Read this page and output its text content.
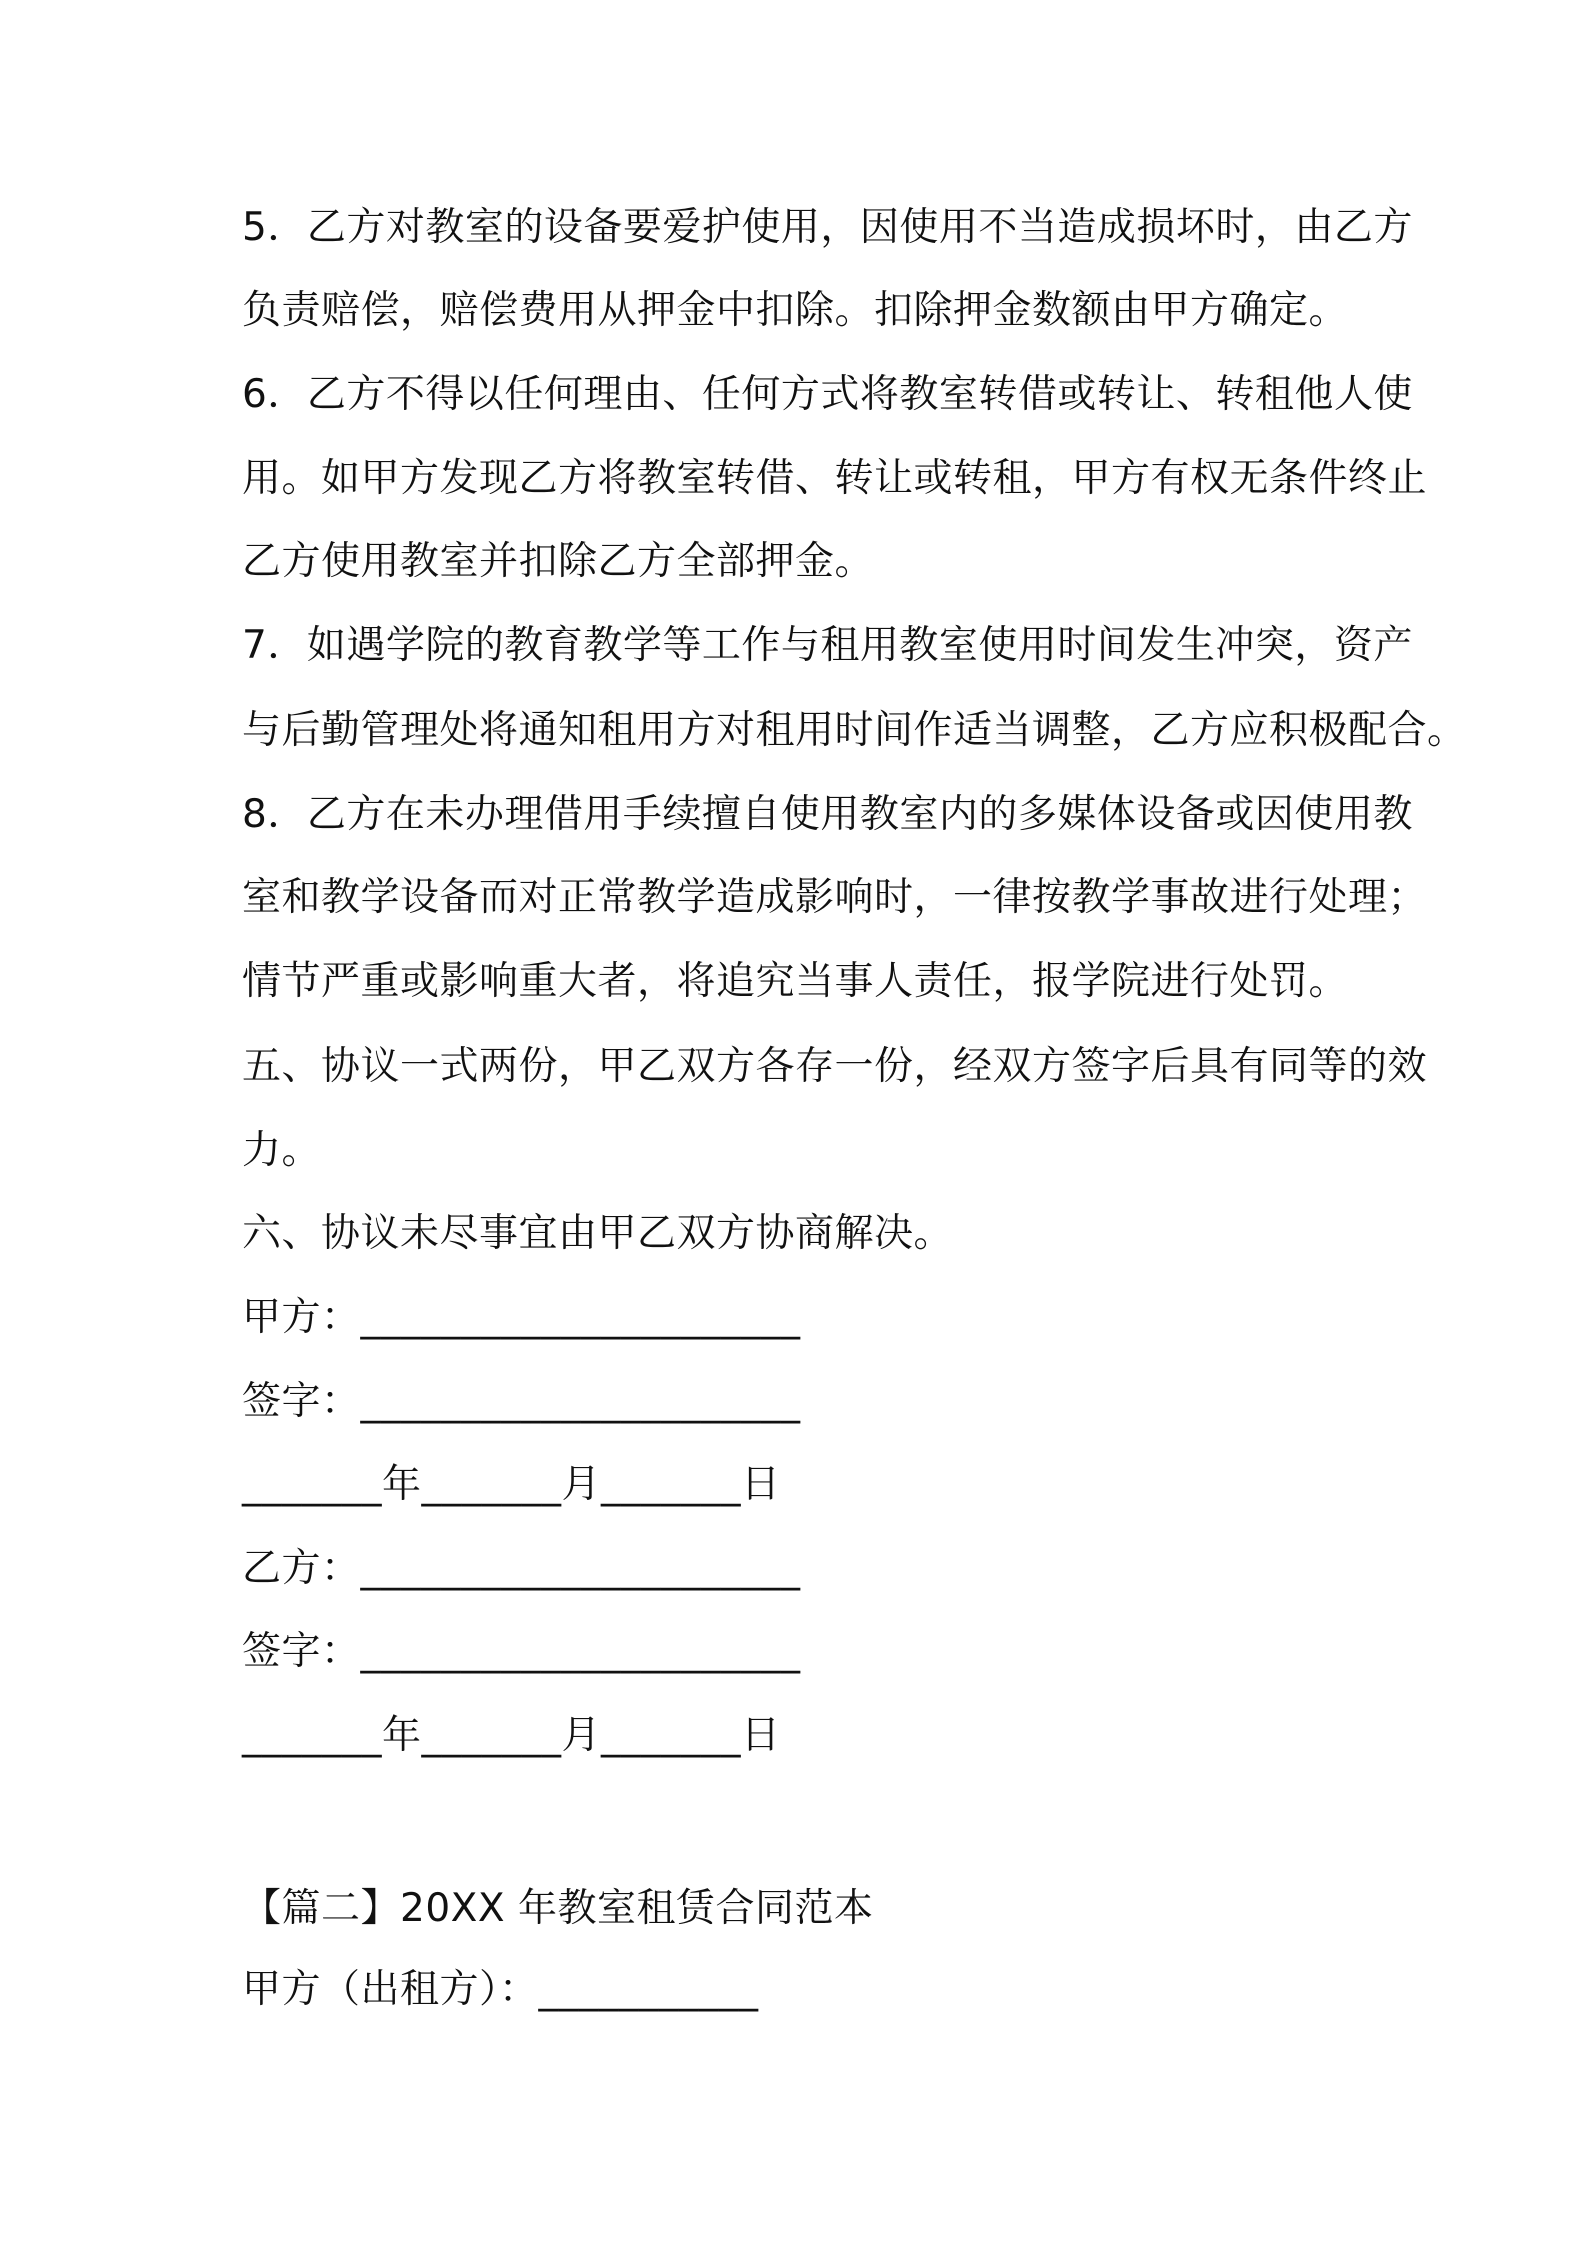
5．乙方对教室的设备要爱护使用，因使用不当造成损坏时，由乙方
负责赔偿，赔偿费用从押金中扣除。扣除押金数额由甲方确定。
6．乙方不得以任何理由、任何方式将教室转借或转让、转租他人使
用。如甲方发现乙方将教室转借、转让或转租，甲方有权无条件终止
乙方使用教室并扣除乙方全部押金。
7．如遇学院的教育教学等工作与租用教室使用时间发生冲突，资产
与后勤管理处将通知租用方对租用时间作适当调整，乙方应积极配合。
8．乙方在未办理借用手续擅自使用教室内的多媒体设备或因使用教
室和教学设备而对正常教学造成影响时，一律按教学事故进行处理；
情节严重或影响重大者，将追究当事人责任，报学院进行处罚。
五、协议一式两份，甲乙双方各存一份，经双方签字后具有同等的效
力。
六、协议未尽事宜由甲乙双方协商解决。
甲方：______________________
签字：______________________
_______年_______月_______日
乙方：______________________
签字：______________________
_______年_______月_______日
【篇二】20XX 年教室租赁合同范本
甲方（出租方）：___________
